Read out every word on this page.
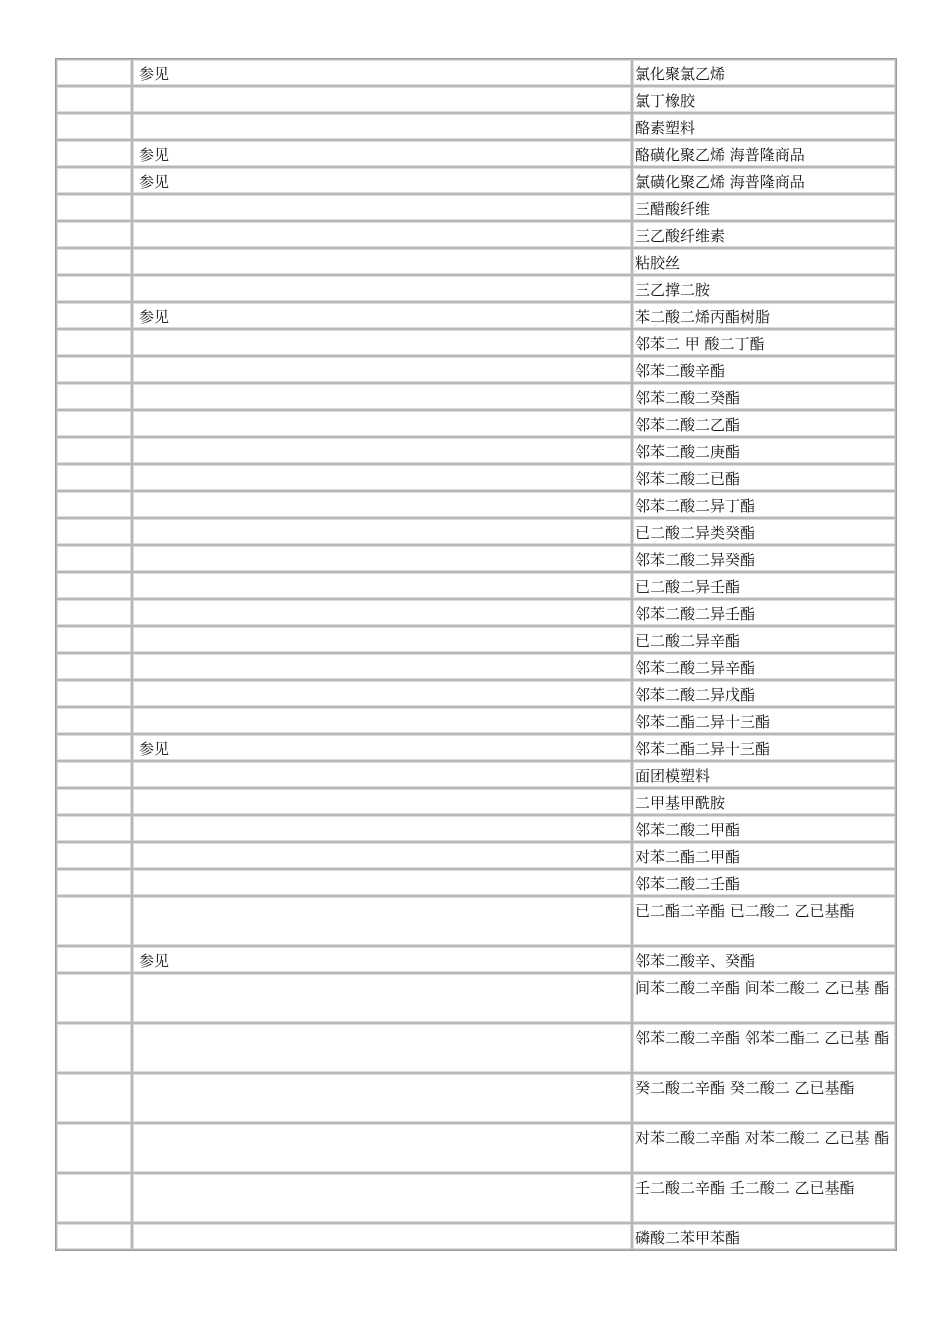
	参见	氯化聚氯乙烯
		氯丁橡胶
		酪素塑料
	参见	酪磺化聚乙烯 海普隆商品
	参见	氯磺化聚乙烯 海普隆商品
		三醋酸纤维
		三乙酸纤维素
		粘胶丝
		三乙撑二胺
	参见	苯二酸二烯丙酯树脂
		邻苯二 甲 酸二丁酯
		邻苯二酸辛酯
		邻苯二酸二癸酯
		邻苯二酸二乙酯
		邻苯二酸二庚酯
		邻苯二酸二已酯
		邻苯二酸二异丁酯
		已二酸二异类癸酯
		邻苯二酸二异癸酯
		已二酸二异壬酯
		邻苯二酸二异壬酯
		已二酸二异辛酯
		邻苯二酸二异辛酯
		邻苯二酸二异戊酯
		邻苯二酯二异十三酯
	参见	邻苯二酯二异十三酯
		面团模塑料
		二甲基甲酰胺
		邻苯二酸二甲酯
		对苯二酯二甲酯
		邻苯二酸二壬酯
		已二酯二辛酯 已二酸二 乙已基酯
	参见	邻苯二酸辛、癸酯
		间苯二酸二辛酯 间苯二酸二 乙已基 酯
		邻苯二酸二辛酯 邻苯二酯二 乙已基 酯
		癸二酸二辛酯 癸二酸二 乙已基酯
		对苯二酸二辛酯 对苯二酸二 乙已基 酯
		壬二酸二辛酯 壬二酸二 乙已基酯
		磷酸二苯甲苯酯
